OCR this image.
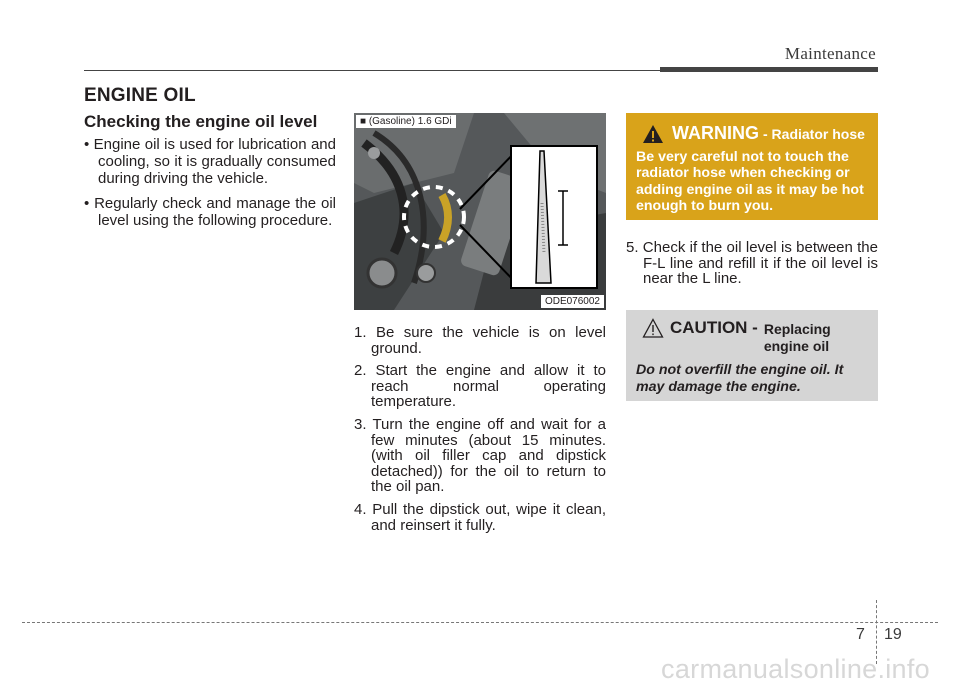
Maintenance
ENGINE OIL
Checking the engine oil level

• Engine oil is used for lubrication and cooling, so it is gradually consumed during driving the vehicle.

• Regularly check and manage the oil level using the following procedure.

■ (Gasoline) 1.6 GDi
ODE076002

1. Be sure the vehicle is on level ground.

2. Start the engine and allow it to reach normal operating temperature.

3. Turn the engine off and wait for a few minutes (about 15 minutes. (with oil filler cap and dipstick detached)) for the oil to return to the oil pan.

4. Pull the dipstick out, wipe it clean, and reinsert it fully.

WARNING - Radiator hose
Be very careful not to touch the radiator hose when checking or adding engine oil as it may be hot enough to burn you.

5. Check if the oil level is between the F-L line and refill it if the oil level is near the L line.

CAUTION - Replacing engine oil
Do not overfill the engine oil. It may damage the engine.
7 19
carmanualsonline.info
